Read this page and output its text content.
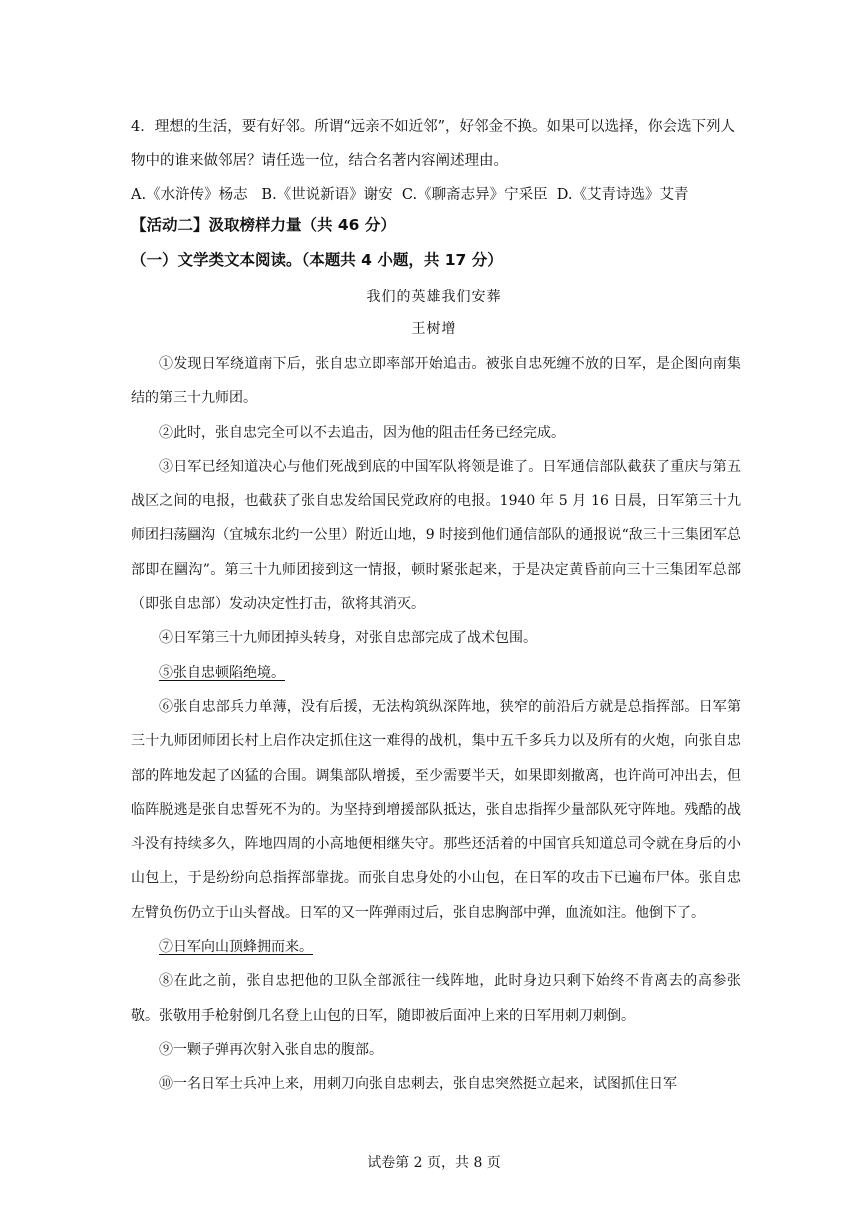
4．理想的生活，要有好邻。所谓“远亲不如近邻”，好邻金不换。如果可以选择，你会选下列人物中的谁来做邻居？请任选一位，结合名著内容阐述理由。
A.《水浒传》杨志   B.《世说新语》谢安  C.《聊斋志异》宁采臣  D.《艾青诗选》艾青
【活动二】汲取榜样力量（共 46 分）
（一）文学类文本阅读。（本题共 4 小题，共 17 分）
我们的英雄我们安葬
王树增

①发现日军绕道南下后，张自忠立即率部开始追击。被张自忠死缠不放的日军，是企图向南集结的第三十九师团。

②此时，张自忠完全可以不去追击，因为他的阻击任务已经完成。

③日军已经知道决心与他们死战到底的中国军队将领是谁了。日军通信部队截获了重庆与第五战区之间的电报，也截获了张自忠发给国民党政府的电报。1940 年 5 月 16 日晨，日军第三十九师团扫荡圝沟（宜城东北约一公里）附近山地，9 时接到他们通信部队的通报说“敌三十三集团军总部即在圝沟”。第三十九师团接到这一情报，顿时紧张起来，于是决定黄昏前向三十三集团军总部（即张自忠部）发动决定性打击，欲将其消灭。

④日军第三十九师团掉头转身，对张自忠部完成了战术包围。

⑤张自忠顿陷绝境。

⑥张自忠部兵力单薄，没有后援，无法构筑纵深阵地，狭窄的前沿后方就是总指挥部。日军第三十九师团师团长村上启作决定抓住这一难得的战机，集中五千多兵力以及所有的火炮，向张自忠部的阵地发起了凶猛的合围。调集部队增援，至少需要半天，如果即刻撤离，也许尚可冲出去，但临阵脱逃是张自忠誓死不为的。为坚持到增援部队抵达，张自忠指挥少量部队死守阵地。残酷的战斗没有持续多久，阵地四周的小高地便相继失守。那些还活着的中国官兵知道总司令就在身后的小山包上，于是纷纷向总指挥部靠拢。而张自忠身处的小山包，在日军的攻击下已遍布尸体。张自忠左臂负伤仍立于山头督战。日军的又一阵弹雨过后，张自忠胸部中弹，血流如注。他倒下了。

⑦日军向山顶蜂拥而来。

⑧在此之前，张自忠把他的卫队全部派往一线阵地，此时身边只剩下始终不肯离去的高参张敬。张敬用手枪射倒几名登上山包的日军，随即被后面冲上来的日军用刺刀刺倒。

⑨一颗子弹再次射入张自忠的腹部。

⑩一名日军士兵冲上来，用刺刀向张自忠刺去，张自忠突然挺立起来，试图抓住日军

试卷第 2 页，共 8 页
